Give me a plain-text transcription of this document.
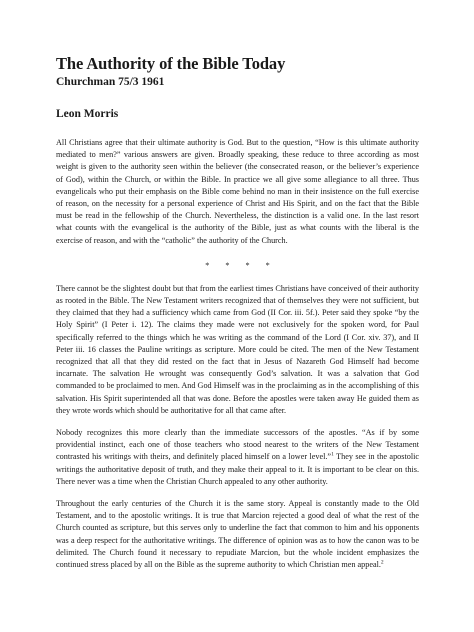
The Authority of the Bible Today
Churchman 75/3 1961
Leon Morris

All Christians agree that their ultimate authority is God. But to the question, “How is this ultimate authority mediated to men?” various answers are given. Broadly speaking, these reduce to three according as most weight is given to the authority seen within the believer (the consecrated reason, or the believer’s experience of God), within the Church, or within the Bible. In practice we all give some allegiance to all three. Thus evangelicals who put their emphasis on the Bible come behind no man in their insistence on the full exercise of reason, on the necessity for a personal experience of Christ and His Spirit, and on the fact that the Bible must be read in the fellowship of the Church. Nevertheless, the distinction is a valid one. In the last resort what counts with the evangelical is the authority of the Bible, just as what counts with the liberal is the exercise of reason, and with the “catholic” the authority of the Church.

* * * *

There cannot be the slightest doubt but that from the earliest times Christians have conceived of their authority as rooted in the Bible. The New Testament writers recognized that of themselves they were not sufficient, but they claimed that they had a sufficiency which came from God (II Cor. iii. 5f.). Peter said they spoke “by the Holy Spirit” (I Peter i. 12). The claims they made were not exclusively for the spoken word, for Paul specifically referred to the things which he was writing as the command of the Lord (I Cor. xiv. 37), and II Peter iii. 16 classes the Pauline writings as scripture. More could be cited. The men of the New Testament recognized that all that they did rested on the fact that in Jesus of Nazareth God Himself had become incarnate. The salvation He wrought was consequently God’s salvation. It was a salvation that God commanded to be proclaimed to men. And God Himself was in the proclaiming as in the accomplishing of this salvation. His Spirit superintended all that was done. Before the apostles were taken away He guided them as they wrote words which should be authoritative for all that came after.

Nobody recognizes this more clearly than the immediate successors of the apostles. “As if by some providential instinct, each one of those teachers who stood nearest to the writers of the New Testament contrasted his writings with theirs, and definitely placed himself on a lower level.”$^1$ They see in the apostolic writings the authoritative deposit of truth, and they make their appeal to it. It is important to be clear on this. There never was a time when the Christian Church appealed to any other authority.

Throughout the early centuries of the Church it is the same story. Appeal is constantly made to the Old Testament, and to the apostolic writings. It is true that Marcion rejected a good deal of what the rest of the Church counted as scripture, but this serves only to underline the fact that common to him and his opponents was a deep respect for the authoritative writings. The difference of opinion was as to how the canon was to be delimited. The Church found it necessary to repudiate Marcion, but the whole incident emphasizes the continued stress placed by all on the Bible as the supreme authority to which Christian men appeal.$^2$
